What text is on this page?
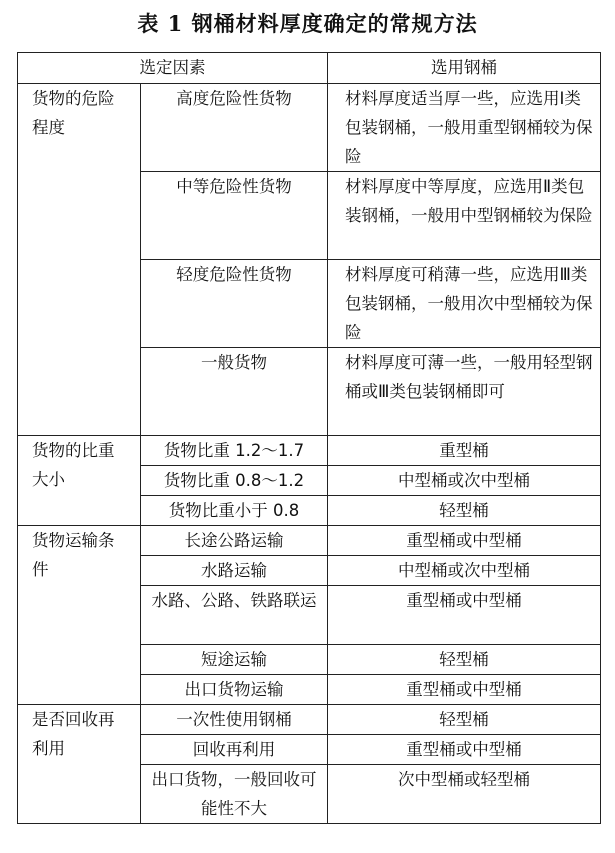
表 1 钢桶材料厚度确定的常规方法
选定因素		选用钢桶
货物的危险程度	高度危险性货物	材料厚度适当厚一些，应选用Ⅰ类包装钢桶，一般用重型钢桶较为保险
	中等危险性货物	材料厚度中等厚度，应选用Ⅱ类包装钢桶，一般用中型钢桶较为保险
	轻度危险性货物	材料厚度可稍薄一些，应选用Ⅲ类包装钢桶，一般用次中型桶较为保险
	一般货物	材料厚度可薄一些，一般用轻型钢桶或Ⅲ类包装钢桶即可
货物的比重大小	货物比重 1.2～1.7	重型桶
	货物比重 0.8～1.2	中型桶或次中型桶
	货物比重小于 0.8	轻型桶
货物运输条件	长途公路运输	重型桶或中型桶
	水路运输	中型桶或次中型桶
	水路、公路、铁路联运	重型桶或中型桶
	短途运输	轻型桶
	出口货物运输	重型桶或中型桶
是否回收再利用	一次性使用钢桶	轻型桶
	回收再利用	重型桶或中型桶
	出口货物，一般回收可能性不大	次中型桶或轻型桶
